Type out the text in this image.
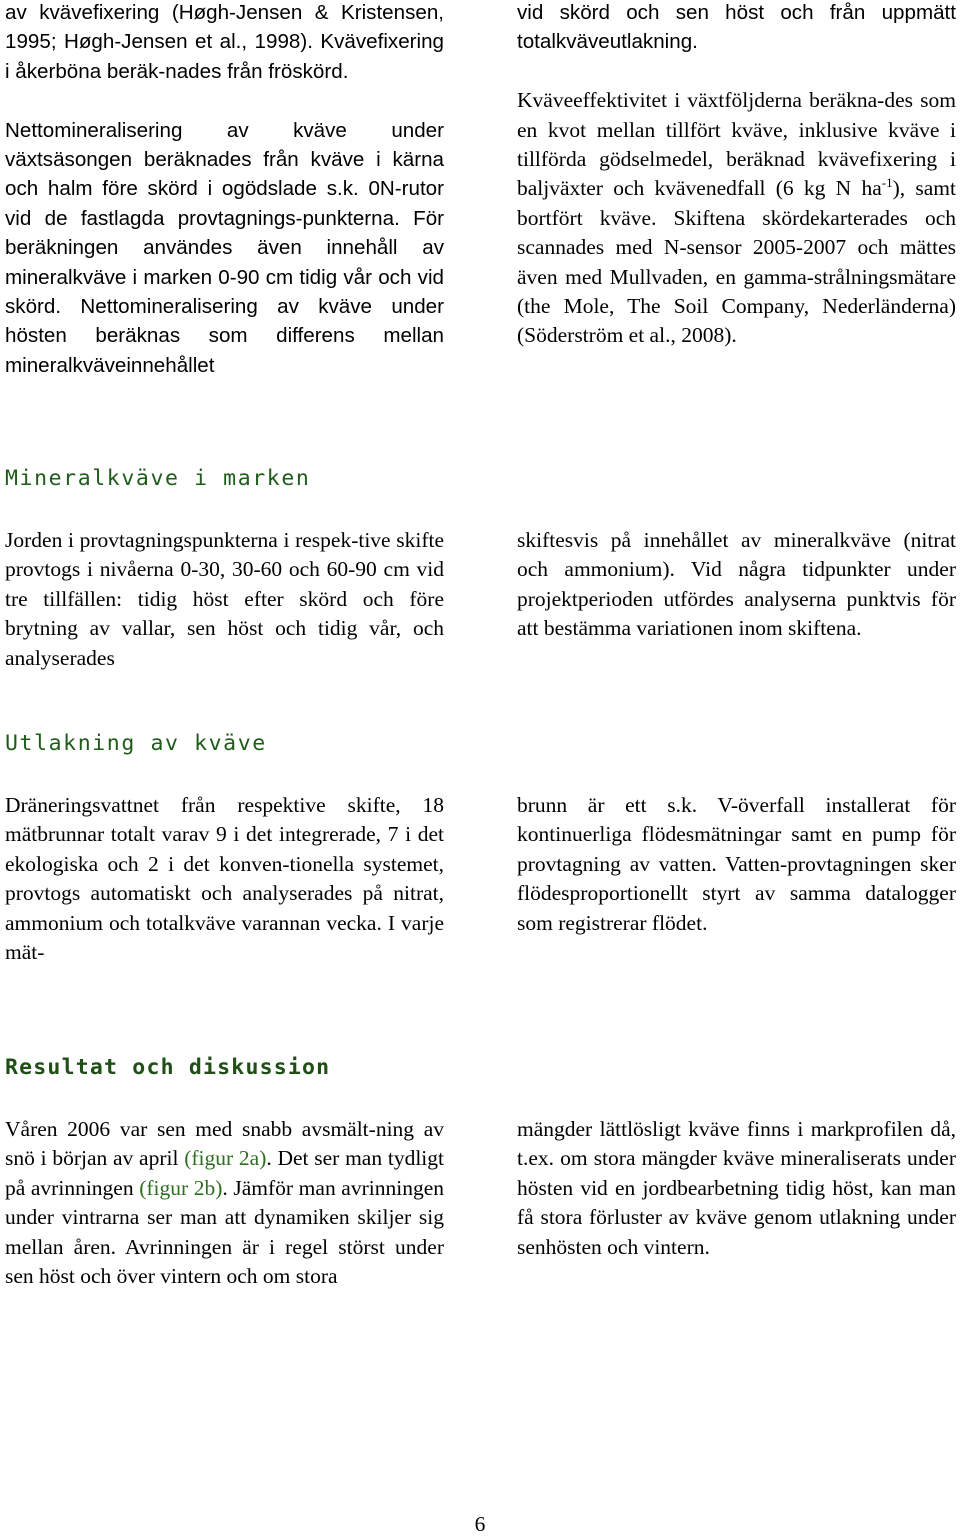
av kvävefixering (Høgh-Jensen & Kristensen, 1995; Høgh-Jensen et al., 1998). Kvävefixering i åkerböna beräk-nades från fröskörd.

Nettomineralisering av kväve under växtsäsongen beräknades från kväve i kärna och halm före skörd i ogödslade s.k. 0N-rutor vid de fastlagda provtagnings-punkterna. För beräkningen användes även innehåll av mineralkväve i marken 0-90 cm tidig vår och vid skörd. Nettomineralisering av kväve under hösten beräknas som differens mellan mineralkväveinnehållet

vid skörd och sen höst och från uppmätt totalkväveutlakning.

Kväveeffektivitet i växtföljderna beräkna-des som en kvot mellan tillfört kväve, inklusive kväve i tillförda gödselmedel, beräknad kvävefixering i baljväxter och kvävenedfall (6 kg N $ha^{-1}$), samt bortfört kväve. Skiftena skördekarterades och scannades med N-sensor 2005-2007 och mättes även med Mullvaden, en gamma-strålningsmätare (the Mole, The Soil Company, Nederländerna) (Söderström et al., 2008).

Mineralkväve i marken

Jorden i provtagningspunkterna i respek-tive skifte provtogs i nivåerna 0-30, 30-60 och 60-90 cm vid tre tillfällen: tidig höst efter skörd och före brytning av vallar, sen höst och tidig vår, och analyserades

skiftesvis på innehållet av mineralkväve (nitrat och ammonium). Vid några tidpunkter under projektperioden utfördes analyserna punktvis för att bestämma variationen inom skiftena.

Utlakning av kväve

Dräneringsvattnet från respektive skifte, 18 mätbrunnar totalt varav 9 i det integrerade, 7 i det ekologiska och 2 i det konven-tionella systemet, provtogs automatiskt och analyserades på nitrat, ammonium och totalkväve varannan vecka. I varje mät-

brunn är ett s.k. V-överfall installerat för kontinuerliga flödesmätningar samt en pump för provtagning av vatten. Vatten-provtagningen sker flödesproportionellt styrt av samma datalogger som registrerar flödet.

Resultat och diskussion

Våren 2006 var sen med snabb avsmält-ning av snö i början av april (figur 2a). Det ser man tydligt på avrinningen (figur 2b). Jämför man avrinningen under vintrarna ser man att dynamiken skiljer sig mellan åren. Avrinningen är i regel störst under sen höst och över vintern och om stora

mängder lättlösligt kväve finns i markprofilen då, t.ex. om stora mängder kväve mineraliserats under hösten vid en jordbearbetning tidig höst, kan man få stora förluster av kväve genom utlakning under senhösten och vintern.

6
